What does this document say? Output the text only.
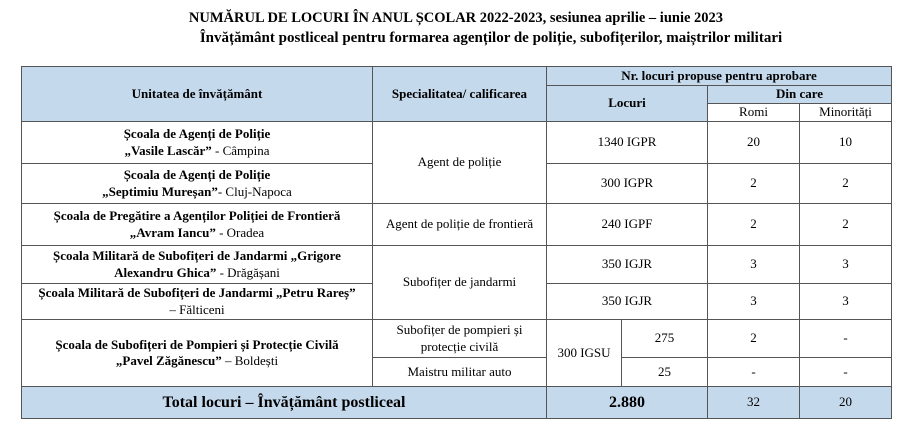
NUMĂRUL DE LOCURI ÎN ANUL ȘCOLAR 2022-2023, sesiunea aprilie – iunie 2023
Învățământ postliceal pentru formarea agenților de poliție, subofițerilor, maiștrilor militari
Unitatea de învățământ	Specialitatea/ calificarea	Nr. locuri propuse pentru aprobare			
		Locuri		Din care	
				Romi	Minorități

Școala de Agenți de Poliție
„Vasile Lascăr” - Câmpina	Agent de poliție	1340 IGPR		20	10

Școala de Agenți de Poliție
„Septimiu Mureșan”- Cluj-Napoca		300 IGPR		2	2

Școala de Pregătire a Agenților Poliției de Frontieră
„Avram Iancu” - Oradea	Agent de poliție de frontieră	240 IGPF		2	2

Școala Militară de Subofițeri de Jandarmi „Grigore
Alexandru Ghica” - Drăgășani	Subofițer de jandarmi	350 IGJR		3	3

Școala Militară de Subofițeri de Jandarmi „Petru Rareș”
– Fălticeni		350 IGJR		3	3

Școala de Subofițeri de Pompieri și Protecție Civilă
„Pavel Zăgănescu” – Boldești	Subofițer de pompieri și protecție civilă	300 IGSU	275	2	-
	Maistru militar auto		25	-	-
Total locuri – Învățământ postliceal		2.880		32	20
